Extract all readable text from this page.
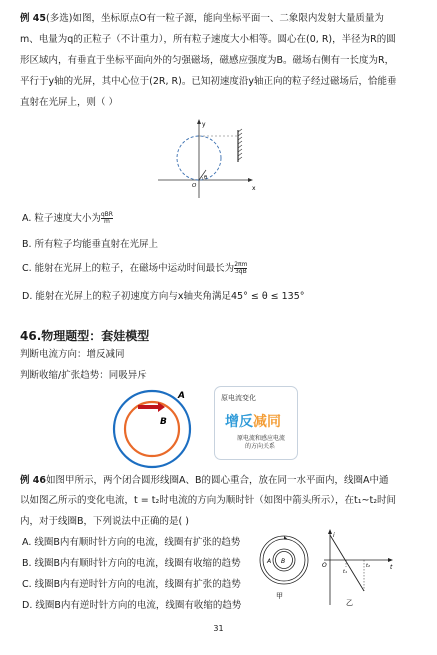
例 45(多选)如图，坐标原点O有一粒子源，能向坐标平面一、二象限内发射大量质量为
m、电量为q的正粒子（不计重力），所有粒子速度大小相等。圆心在(0, R)，半径为R的圆
形区域内，有垂直于坐标平面向外的匀强磁场，磁感应强度为B。磁场右侧有一长度为R，
平行于y轴的光屏，其中心位于(2R, R)。已知初速度沿y轴正向的粒子经过磁场后，恰能垂
直射在光屏上，则（ ）
y
x
O
θ
A. 粒子速度大小为 qBR
m
B. 所有粒子均能垂直射在光屏上
C. 能射在光屏上的粒子，在磁场中运动时间最长为 $\frac{2\pi m}{3qB}$
D. 能射在光屏上的粒子初速度方向与x轴夹角满足45° ≤ θ ≤ 135°
46.物理题型：套娃模型
判断电流方向：增反减同
判断收缩/扩张趋势：同吸异斥
A
B
原电流变化
增反减同
原电流和感应电流
的方向关系
例 46如图甲所示，两个闭合圆形线圈A、B的圆心重合，放在同一水平面内，线圈A中通
以如图乙所示的变化电流，t = t₂时电流的方向为顺时针（如图中箭头所示），在t₁~t₂时间
内，对于线圈B，下列说法中正确的是( )
A. 线圈B内有顺时针方向的电流，线圈有扩张的趋势
B. 线圈B内有顺时针方向的电流，线圈有收缩的趋势
C. 线圈B内有逆时针方向的电流，线圈有扩张的趋势
D. 线圈B内有逆时针方向的电流，线圈有收缩的趋势
A B
甲
i
O	t
t₁
t₂
乙
31
